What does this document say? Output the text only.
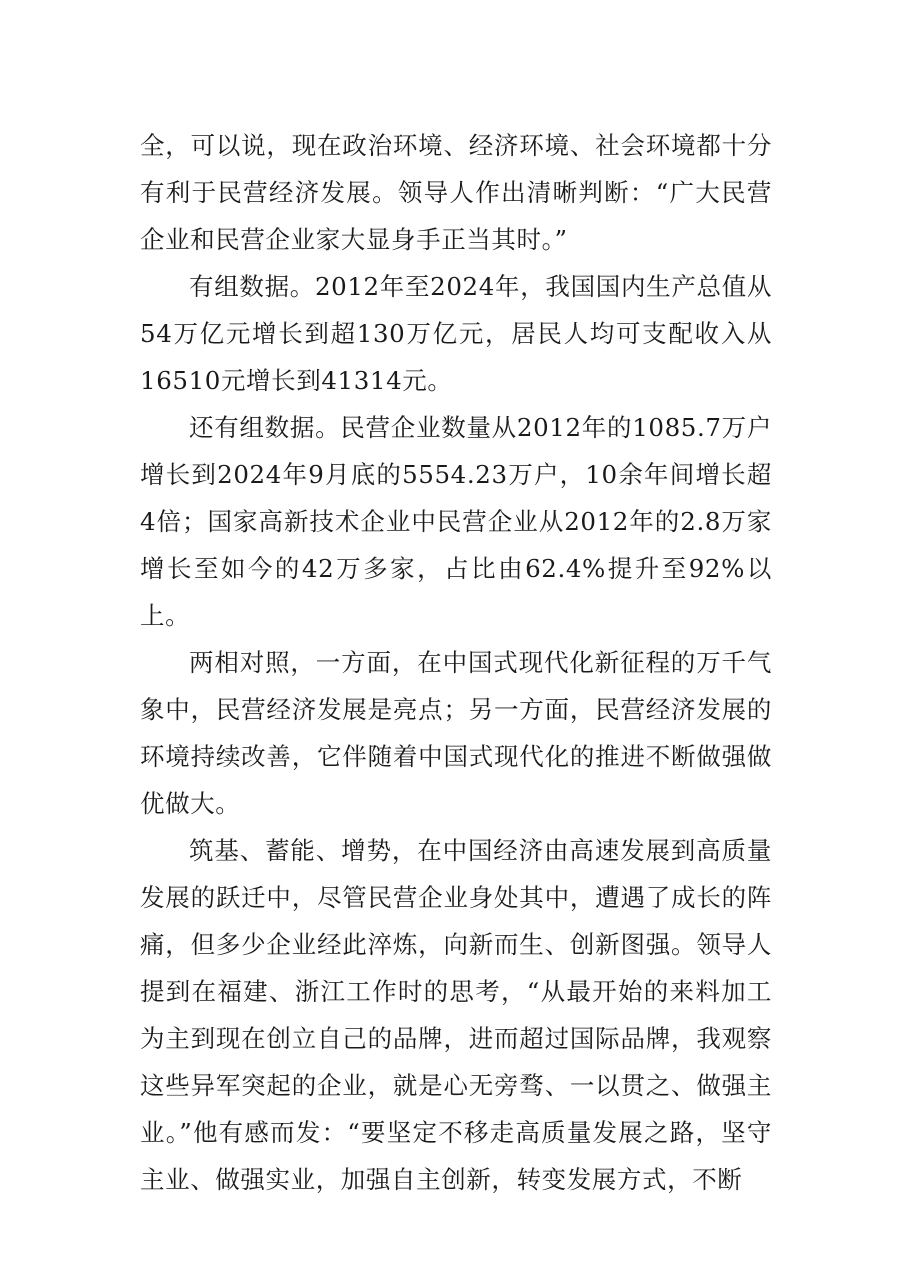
全，可以说，现在政治环境、经济环境、社会环境都十分有利于民营经济发展。领导人作出清晰判断：“广大民营企业和民营企业家大显身手正当其时。”

有组数据。2012年至2024年，我国国内生产总值从54万亿元增长到超130万亿元，居民人均可支配收入从16510元增长到41314元。

还有组数据。民营企业数量从2012年的1085.7万户增长到2024年9月底的5554.23万户，10余年间增长超4倍；国家高新技术企业中民营企业从2012年的2.8万家增长至如今的42万多家，占比由62.4%提升至92%以上。

两相对照，一方面，在中国式现代化新征程的万千气象中，民营经济发展是亮点；另一方面，民营经济发展的环境持续改善，它伴随着中国式现代化的推进不断做强做优做大。

筑基、蓄能、增势，在中国经济由高速发展到高质量发展的跃迁中，尽管民营企业身处其中，遭遇了成长的阵痛，但多少企业经此淬炼，向新而生、创新图强。领导人提到在福建、浙江工作时的思考，“从最开始的来料加工为主到现在创立自己的品牌，进而超过国际品牌，我观察这些异军突起的企业，就是心无旁骛、一以贯之、做强主业。”他有感而发：“要坚定不移走高质量发展之路，坚守主业、做强实业，加强自主创新，转变发展方式，不断
